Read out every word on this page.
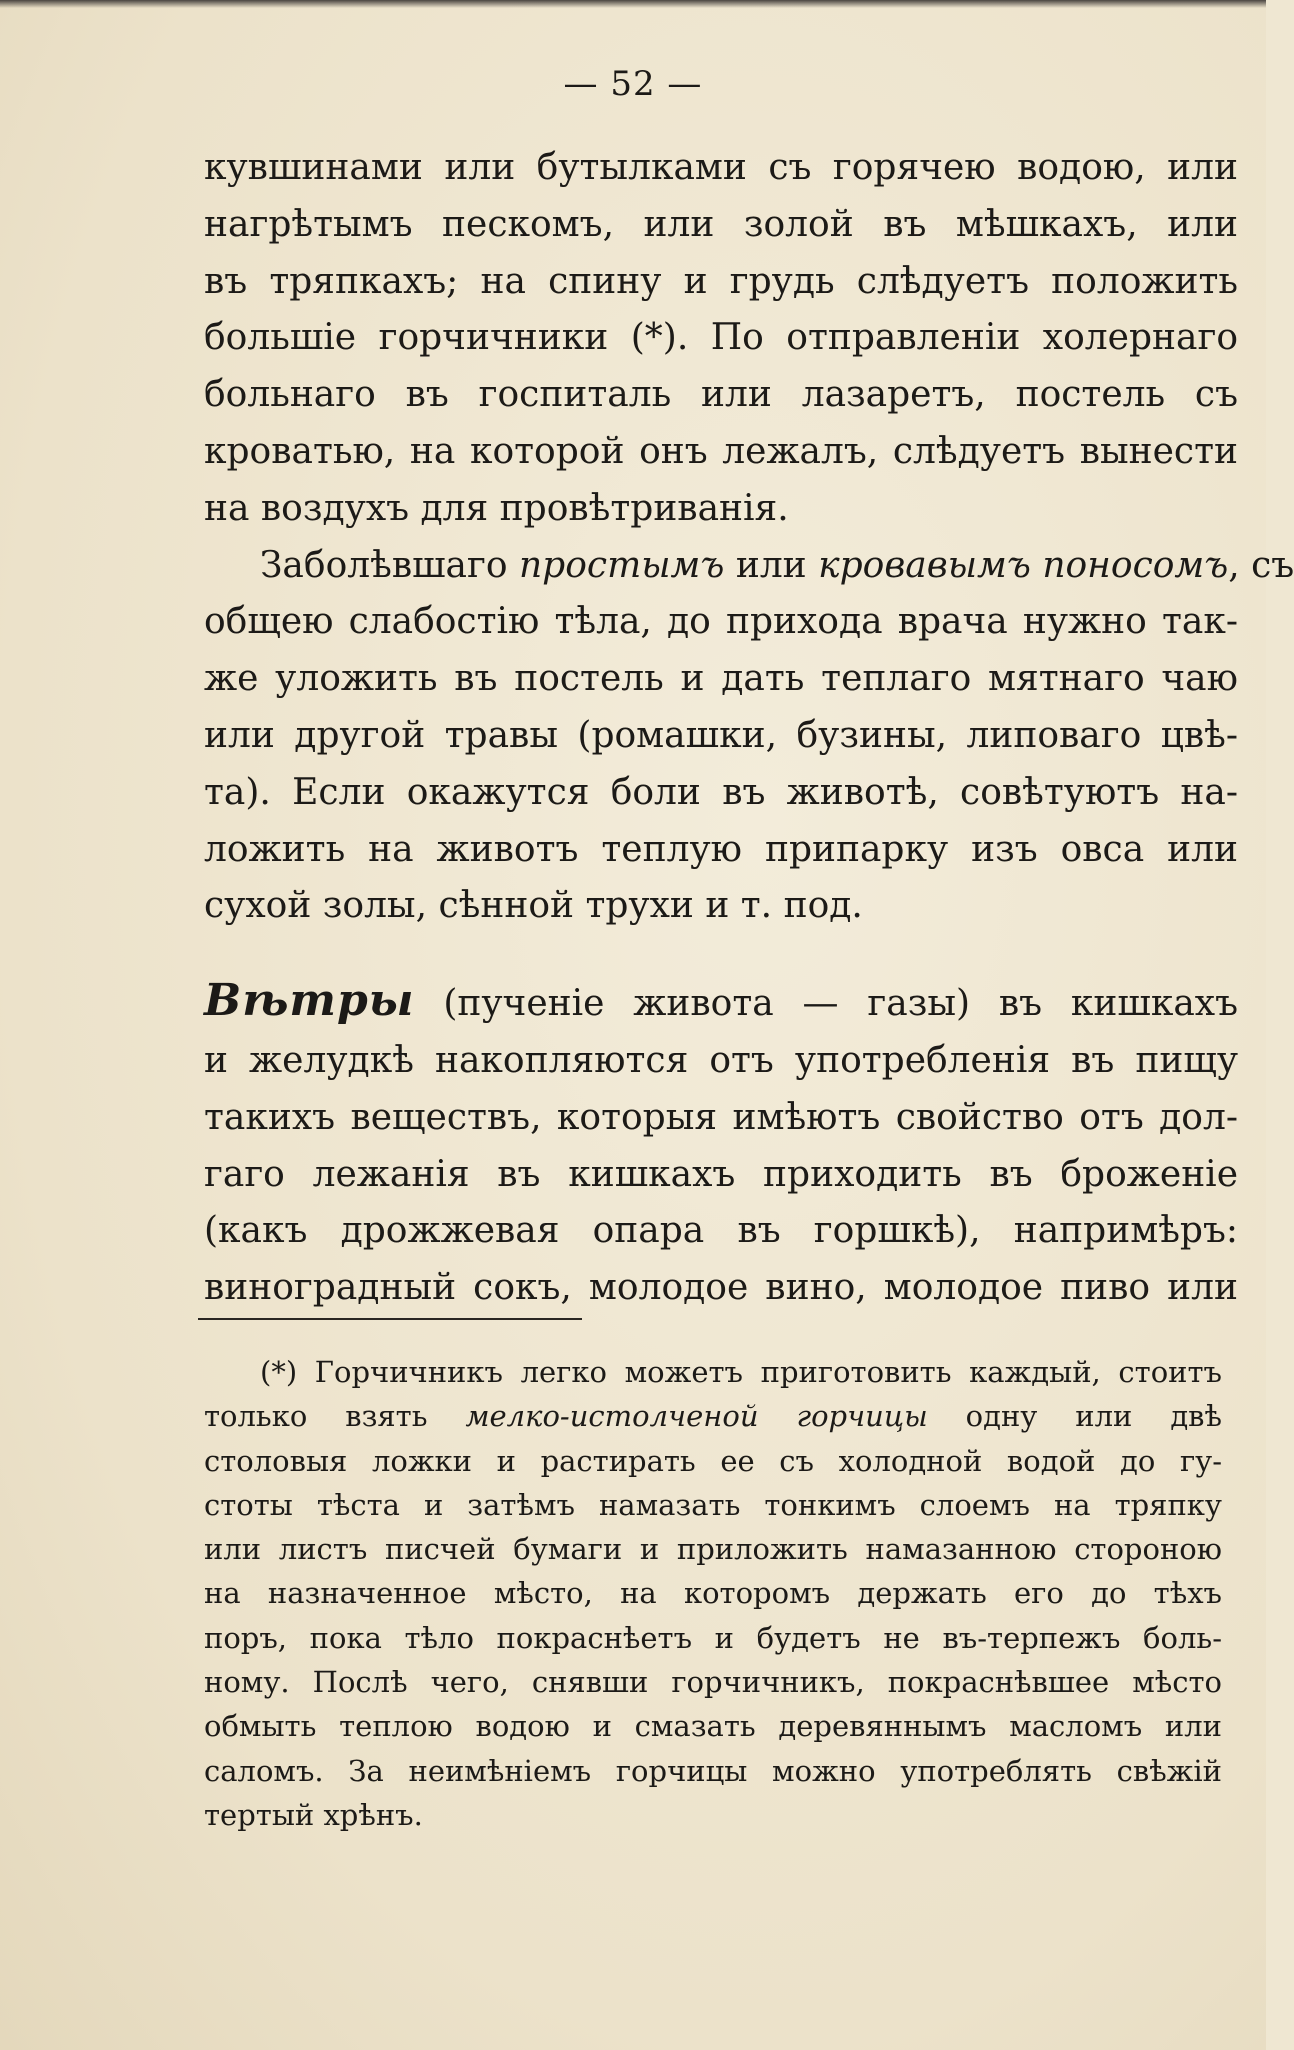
— 52 —
кувшинами или бутылками съ горячею водою, или
нагрѣтымъ пескомъ, или золой въ мѣшкахъ, или
въ тряпкахъ; на спину и грудь слѣдуетъ положить
большіе горчичники (*). По отправленіи холернаго
больнаго въ госпиталь или лазаретъ, постель съ
кроватью, на которой онъ лежалъ, слѣдуетъ вынести
на воздухъ для провѣтриванія.
Заболѣвшаго простымъ или кровавымъ поносомъ, съ
общею слабостію тѣла, до прихода врача нужно так-
же уложить въ постель и дать теплаго мятнаго чаю
или другой травы (ромашки, бузины, липоваго цвѣ-
та). Если окажутся боли въ животѣ, совѣтуютъ на-
ложить на животъ теплую припарку изъ овса или
сухой золы, сѣнной трухи и т. под.
Вѣтры (пученіе живота — газы) въ кишкахъ
и желудкѣ накопляются отъ употребленія въ пищу
такихъ веществъ, которыя имѣютъ свойство отъ дол-
гаго лежанія въ кишкахъ приходить въ броженіе
(какъ дрожжевая опара въ горшкѣ), напримѣръ:
виноградный сокъ, молодое вино, молодое пиво или
(*) Горчичникъ легко можетъ приготовить каждый, стоитъ
только взять мелко-истолченой горчицы одну или двѣ
столовыя ложки и растирать ее съ холодной водой до гу-
стоты тѣста и затѣмъ намазать тонкимъ слоемъ на тряпку
или листъ писчей бумаги и приложить намазанною стороною
на назначенное мѣсто, на которомъ держать его до тѣхъ
поръ, пока тѣло покраснѣетъ и будетъ не въ-терпежъ боль-
ному. Послѣ чего, снявши горчичникъ, покраснѣвшее мѣсто
обмыть теплою водою и смазать деревяннымъ масломъ или
саломъ. За неимѣніемъ горчицы можно употреблять свѣжій
тертый хрѣнъ.
